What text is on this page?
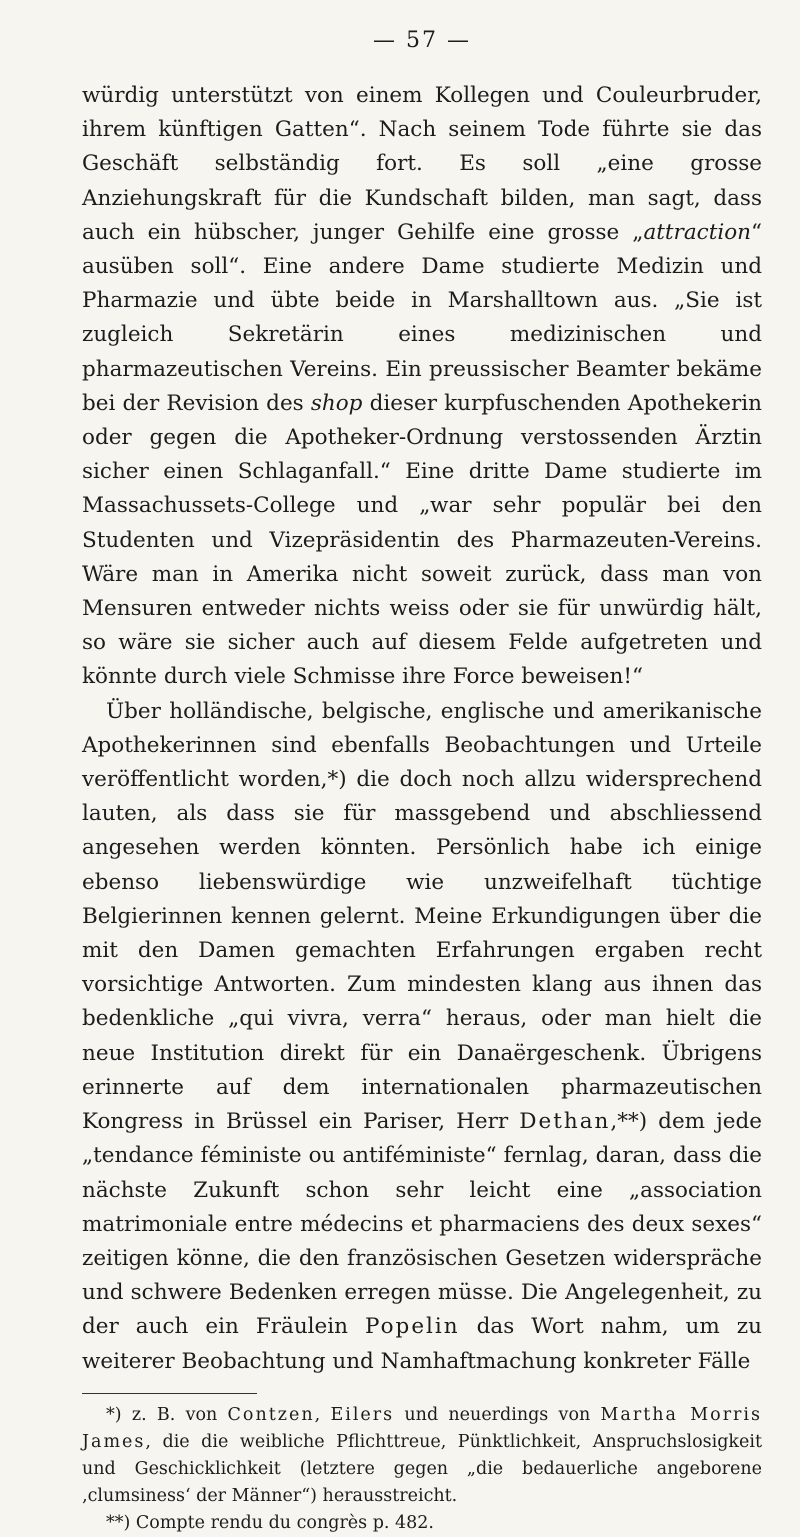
— 57 —

würdig unterstützt von einem Kollegen und Couleurbruder, ihrem künftigen Gatten“. Nach seinem Tode führte sie das Geschäft selbständig fort. Es soll „eine grosse Anziehungskraft für die Kundschaft bilden, man sagt, dass auch ein hübscher, junger Gehilfe eine grosse „attraction“ ausüben soll“. Eine andere Dame studierte Medizin und Pharmazie und übte beide in Marshalltown aus. „Sie ist zugleich Sekretärin eines medizinischen und pharmazeutischen Vereins. Ein preussischer Beamter bekäme bei der Revision des shop dieser kurpfuschenden Apothekerin oder gegen die Apotheker-Ordnung verstossenden Ärztin sicher einen Schlaganfall.“ Eine dritte Dame studierte im Massachussets-College und „war sehr populär bei den Studenten und Vizepräsidentin des Pharmazeuten-Vereins. Wäre man in Amerika nicht soweit zurück, dass man von Mensuren entweder nichts weiss oder sie für unwürdig hält, so wäre sie sicher auch auf diesem Felde aufgetreten und könnte durch viele Schmisse ihre Force beweisen!“

Über holländische, belgische, englische und amerikanische Apothekerinnen sind ebenfalls Beobachtungen und Urteile veröffentlicht worden,*) die doch noch allzu widersprechend lauten, als dass sie für massgebend und abschliessend angesehen werden könnten. Persönlich habe ich einige ebenso liebenswürdige wie unzweifelhaft tüchtige Belgierinnen kennen gelernt. Meine Erkundigungen über die mit den Damen gemachten Erfahrungen ergaben recht vorsichtige Antworten. Zum mindesten klang aus ihnen das bedenkliche „qui vivra, verra“ heraus, oder man hielt die neue Institution direkt für ein Danaërgeschenk. Übrigens erinnerte auf dem internationalen pharmazeutischen Kongress in Brüssel ein Pariser, Herr Dethan,**) dem jede „tendance féministe ou antiféministe“ fernlag, daran, dass die nächste Zukunft schon sehr leicht eine „association matrimoniale entre médecins et pharmaciens des deux sexes“ zeitigen könne, die den französischen Gesetzen widerspräche und schwere Bedenken erregen müsse. Die Angelegenheit, zu der auch ein Fräulein Popelin das Wort nahm, um zu weiterer Beobachtung und Namhaftmachung konkreter Fälle

*) z. B. von Contzen, Eilers und neuerdings von Martha Morris James, die die weibliche Pflichttreue, Pünktlichkeit, Anspruchslosigkeit und Geschicklichkeit (letztere gegen „die bedauerliche angeborene ‚clumsiness‘ der Männer“) herausstreicht.

**) Compte rendu du congrès p. 482.
